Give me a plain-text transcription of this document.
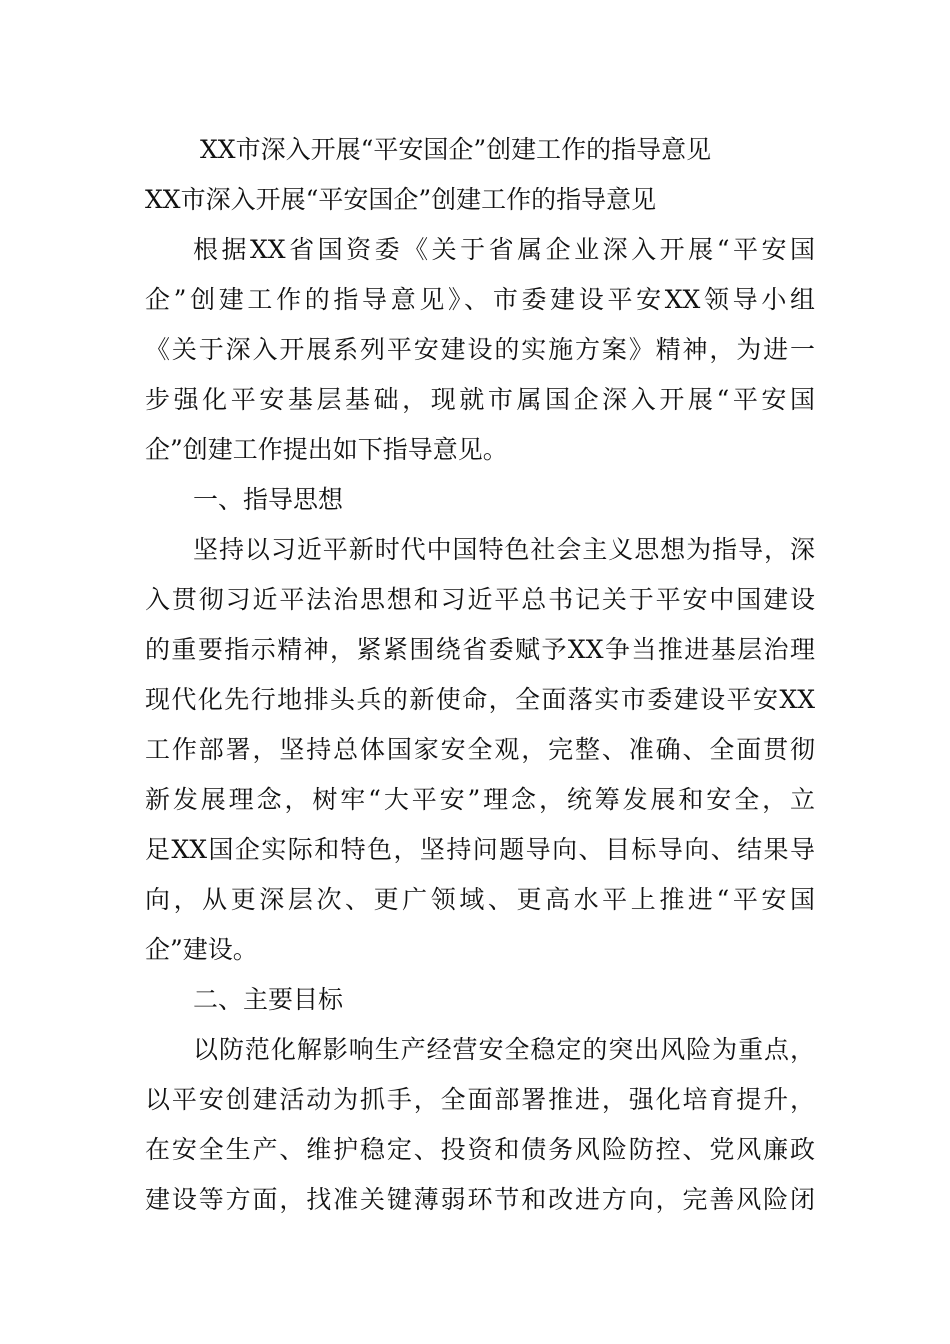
XX市深入开展“平安国企”创建工作的指导意见
XX市深入开展“平安国企”创建工作的指导意见
根据XX省国资委《关于省属企业深入开展“平安国
企”创建工作的指导意见》、市委建设平安XX领导小组
《关于深入开展系列平安建设的实施方案》精神，为进一
步强化平安基层基础，现就市属国企深入开展“平安国
企”创建工作提出如下指导意见。
一、指导思想
坚持以习近平新时代中国特色社会主义思想为指导，深
入贯彻习近平法治思想和习近平总书记关于平安中国建设
的重要指示精神，紧紧围绕省委赋予XX争当推进基层治理
现代化先行地排头兵的新使命，全面落实市委建设平安XX
工作部署，坚持总体国家安全观，完整、准确、全面贯彻
新发展理念，树牢“大平安”理念，统筹发展和安全，立
足XX国企实际和特色，坚持问题导向、目标导向、结果导
向，从更深层次、更广领域、更高水平上推进“平安国
企”建设。
二、主要目标
以防范化解影响生产经营安全稳定的突出风险为重点，
以平安创建活动为抓手，全面部署推进，强化培育提升，
在安全生产、维护稳定、投资和债务风险防控、党风廉政
建设等方面，找准关键薄弱环节和改进方向，完善风险闭
